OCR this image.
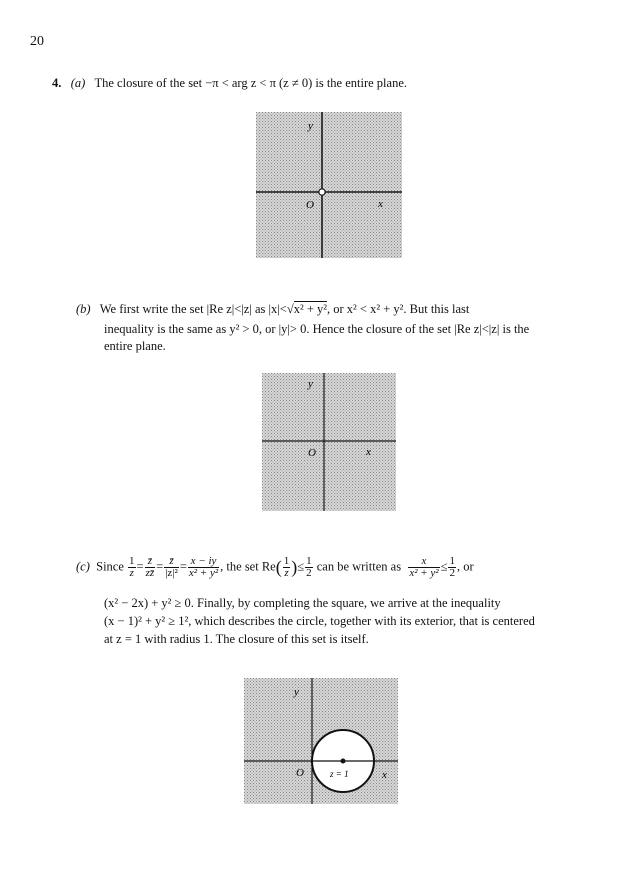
20
4. (a) The closure of the set −π < arg z < π (z ≠ 0) is the entire plane.
y
x
O
(b) We first write the set |Re z|<|z| as |x|<√x² + y², or x² < x² + y². But this last
inequality is the same as y² > 0, or |y|> 0. Hence the closure of the set |Re z|<|z| is the
entire plane.
y
x
O
(c) Since $\frac{1}{z} = \frac{z̄}{zz̄} = \frac{z̄}{\text{|z|²}} = \frac{x - iy}{\text{x² + y²}}$ , the set $Re( \frac{1}{z}$ )≤ $\frac{1}{2}$ can be written as $\frac{x}{\text{x² + y²}} \le \frac{1}{2}$ , or
(x² − 2x) + y² ≥ 0. Finally, by completing the square, we arrive at the inequality
(x − 1)² + y² ≥ 1², which describes the circle, together with its exterior, that is centered
at z = 1 with radius 1. The closure of this set is itself.
y
x
O	z = 1
